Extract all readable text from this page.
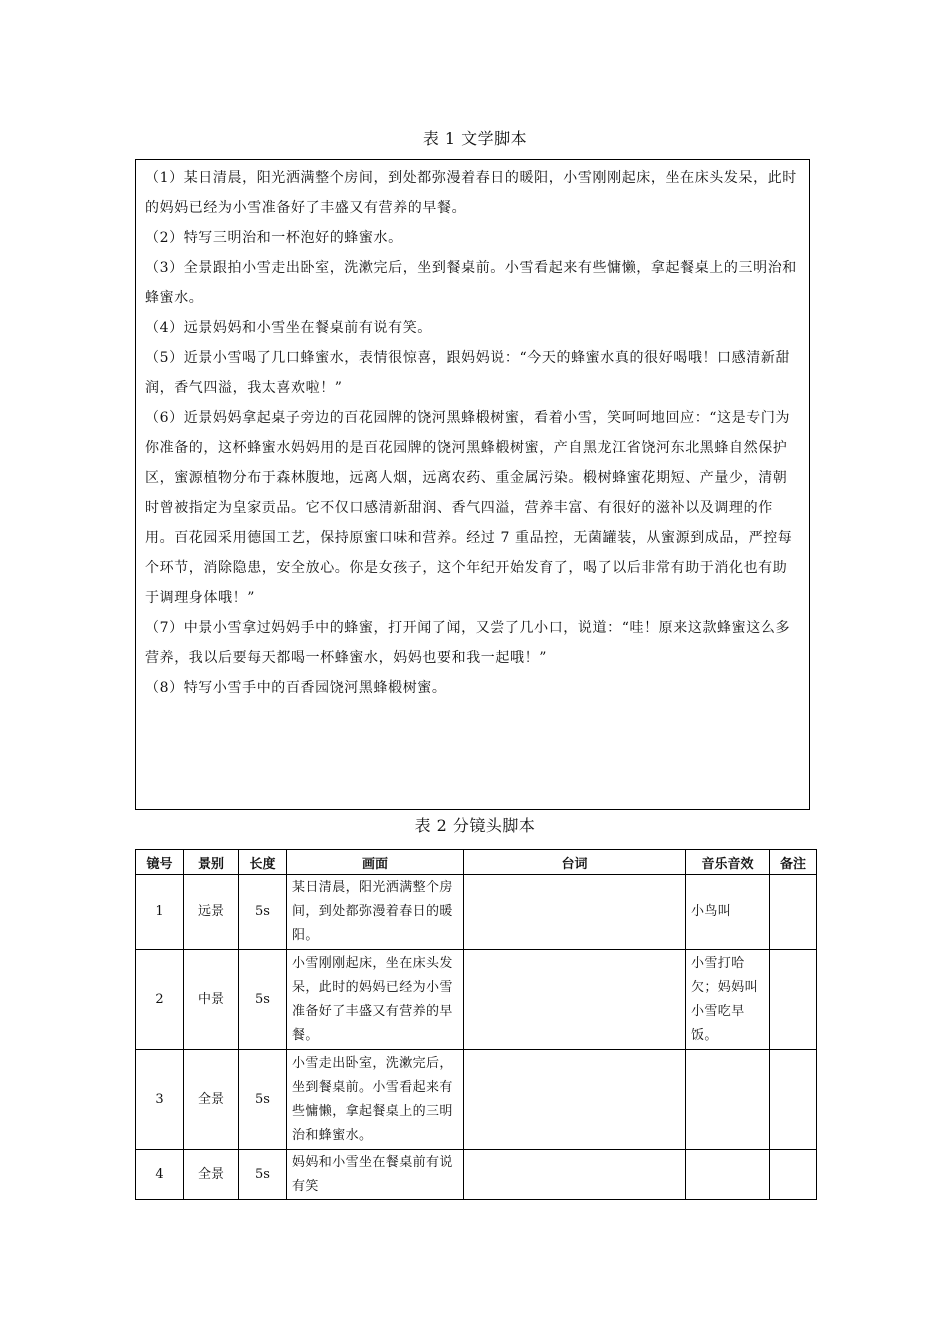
表 1 文学脚本

（1）某日清晨，阳光洒满整个房间，到处都弥漫着春日的暖阳，小雪刚刚起床，坐在床头发呆，此时的妈妈已经为小雪准备好了丰盛又有营养的早餐。

（2）特写三明治和一杯泡好的蜂蜜水。

（3）全景跟拍小雪走出卧室，洗漱完后，坐到餐桌前。小雪看起来有些慵懒，拿起餐桌上的三明治和蜂蜜水。

（4）远景妈妈和小雪坐在餐桌前有说有笑。

（5）近景小雪喝了几口蜂蜜水，表情很惊喜，跟妈妈说：“今天的蜂蜜水真的很好喝哦！口感清新甜润，香气四溢，我太喜欢啦！”

（6）近景妈妈拿起桌子旁边的百花园牌的饶河黑蜂椴树蜜，看着小雪，笑呵呵地回应：“这是专门为你准备的，这杯蜂蜜水妈妈用的是百花园牌的饶河黑蜂椴树蜜，产自黑龙江省饶河东北黑蜂自然保护区，蜜源植物分布于森林腹地，远离人烟，远离农药、重金属污染。椴树蜂蜜花期短、产量少，清朝时曾被指定为皇家贡品。它不仅口感清新甜润、香气四溢，营养丰富、有很好的滋补以及调理的作用。百花园采用德国工艺，保持原蜜口味和营养。经过 7 重品控，无菌罐装，从蜜源到成品，严控每个环节，消除隐患，安全放心。你是女孩子，这个年纪开始发育了，喝了以后非常有助于消化也有助于调理身体哦！”

（7）中景小雪拿过妈妈手中的蜂蜜，打开闻了闻，又尝了几小口，说道：“哇！原来这款蜂蜜这么多营养，我以后要每天都喝一杯蜂蜜水，妈妈也要和我一起哦！”

（8）特写小雪手中的百香园饶河黑蜂椴树蜜。

表 2 分镜头脚本
镜号	景别	长度	画面	台词	音乐音效	备注
1	远景	5s	某日清晨，阳光洒满整个房间，到处都弥漫着春日的暖阳。		小鸟叫	
2	中景	5s	小雪刚刚起床，坐在床头发呆，此时的妈妈已经为小雪准备好了丰盛又有营养的早餐。		小雪打哈欠；妈妈叫小雪吃早饭。	
3	全景	5s	小雪走出卧室，洗漱完后，坐到餐桌前。小雪看起来有些慵懒，拿起餐桌上的三明治和蜂蜜水。			
4	全景	5s	妈妈和小雪坐在餐桌前有说有笑			
